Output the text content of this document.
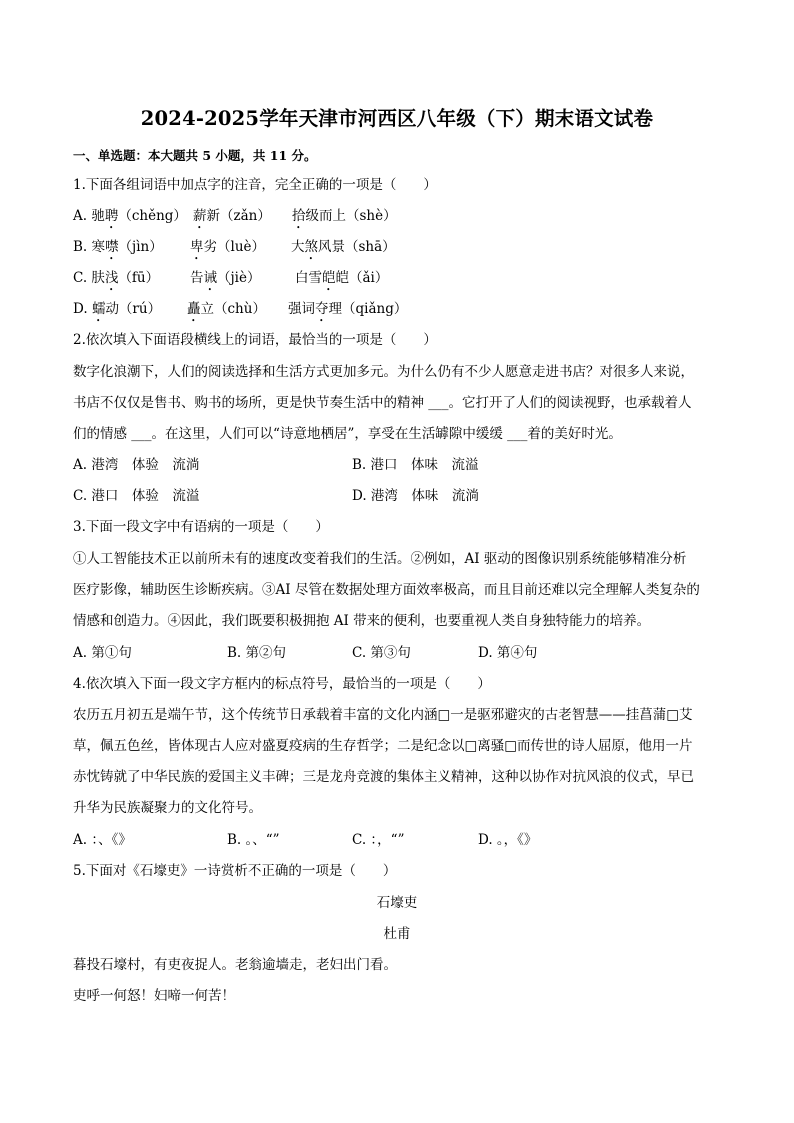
2024-2025学年天津市河西区八年级（下）期末语文试卷
一、单选题：本大题共 5 小题，共 11 分。
1.下面各组词语中加点字的注音，完全正确的一项是（　　）
A. 驰聘（chěng） 薪新（zǎn） 拾级而上（shè）
B. 寒噤（jìn） 卑劣（luè） 大煞风景（shā）
C. 肤浅（fū） 告诫（jiè）	白雪皑皑（ǎi）
D. 蠕动（rú） 矗立（chù） 强词夺理（qiǎng）
2.依次填入下面语段横线上的词语，最恰当的一项是（　　）
数字化浪潮下，人们的阅读选择和生活方式更加多元。为什么仍有不少人愿意走进书店？对很多人来说，
书店不仅仅是售书、购书的场所，更是快节奏生活中的精神 ___。它打开了人们的阅读视野，也承载着人
们的情感 ___。在这里，人们可以“诗意地栖居”，享受在生活罅隙中缓缓 ___着的美好时光。
A. 港湾　体验　流淌	B. 港口　体味　流溢
C. 港口　体验　流溢	D. 港湾　体味　流淌
3.下面一段文字中有语病的一项是（　　）
①人工智能技术正以前所未有的速度改变着我们的生活。②例如，AI 驱动的图像识别系统能够精准分析
医疗影像，辅助医生诊断疾病。③AI 尽管在数据处理方面效率极高，而且目前还难以完全理解人类复杂的
情感和创造力。④因此，我们既要积极拥抱 AI 带来的便利，也要重视人类自身独特能力的培养。
A. 第①句	B. 第②句	C. 第③句	D. 第④句
4.依次填入下面一段文字方框内的标点符号，最恰当的一项是（　　）
农历五月初五是端午节，这个传统节日承载着丰富的文化内涵□一是驱邪避灾的古老智慧——挂菖蒲□艾
草，佩五色丝，皆体现古人应对盛夏疫病的生存哲学；二是纪念以□离骚□而传世的诗人屈原，他用一片
赤忱铸就了中华民族的爱国主义丰碑；三是龙舟竞渡的集体主义精神，这种以协作对抗风浪的仪式，早已
升华为民族凝聚力的文化符号。
A. ：、《》	B. 。、“”	C. ：，“”	D. 。，《》
5.下面对《石壕吏》一诗赏析不正确的一项是（　　）
石壕吏
杜甫
暮投石壕村，有吏夜捉人。老翁逾墙走，老妇出门看。
吏呼一何怒！妇啼一何苦！
